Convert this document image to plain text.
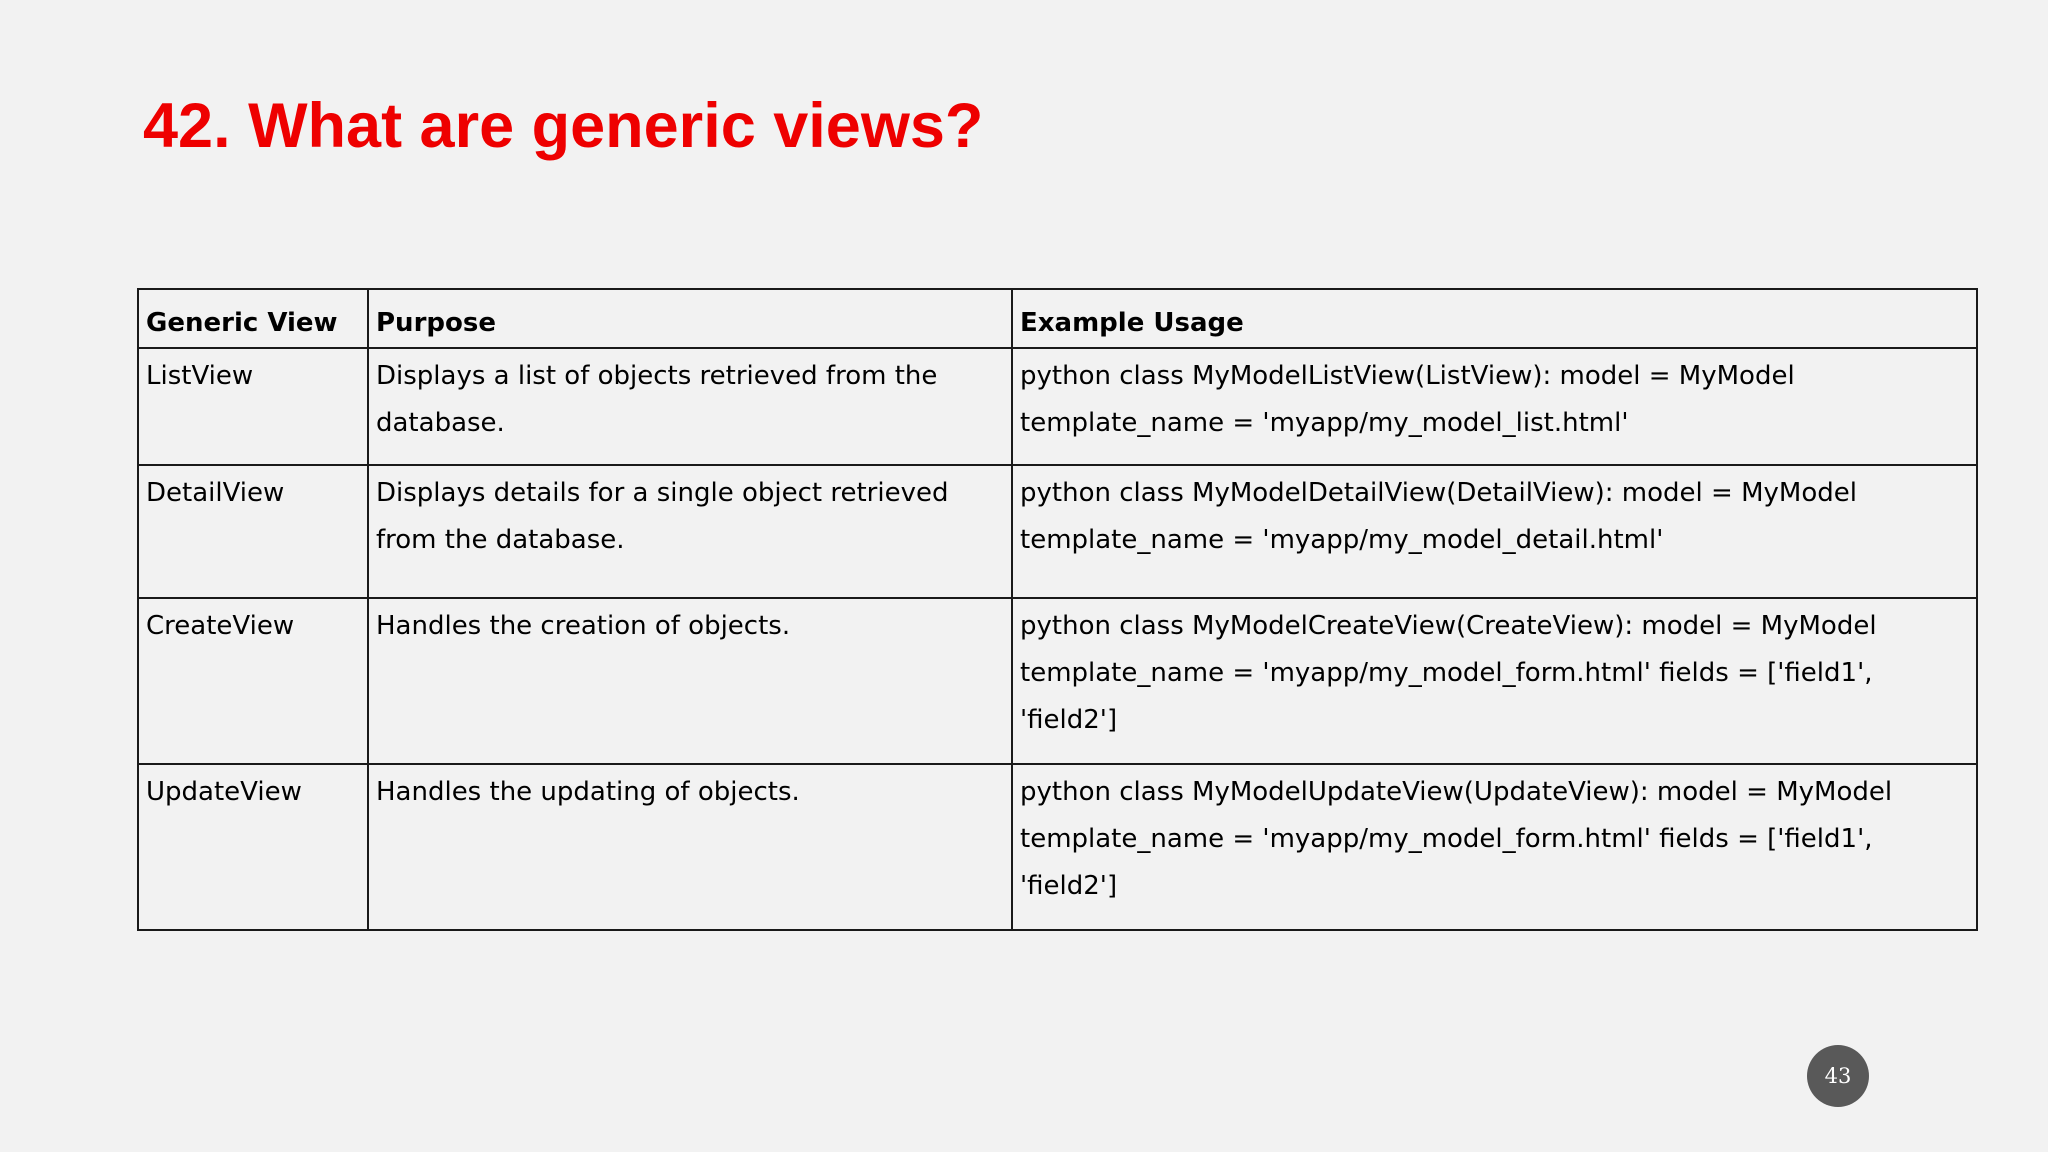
42. What are generic views?
Generic View	Purpose	Example Usage
ListView	Displays a list of objects retrieved from the database.	python class MyModelListView(ListView): model = MyModel template_name = 'myapp/my_model_list.html'
DetailView	Displays details for a single object retrieved from the database.	python class MyModelDetailView(DetailView): model = MyModel template_name = 'myapp/my_model_detail.html'
CreateView	Handles the creation of objects.	python class MyModelCreateView(CreateView): model = MyModel template_name = 'myapp/my_model_form.html' fields = ['field1', 'field2']
UpdateView	Handles the updating of objects.	python class MyModelUpdateView(UpdateView): model = MyModel template_name = 'myapp/my_model_form.html' fields = ['field1', 'field2']
43
